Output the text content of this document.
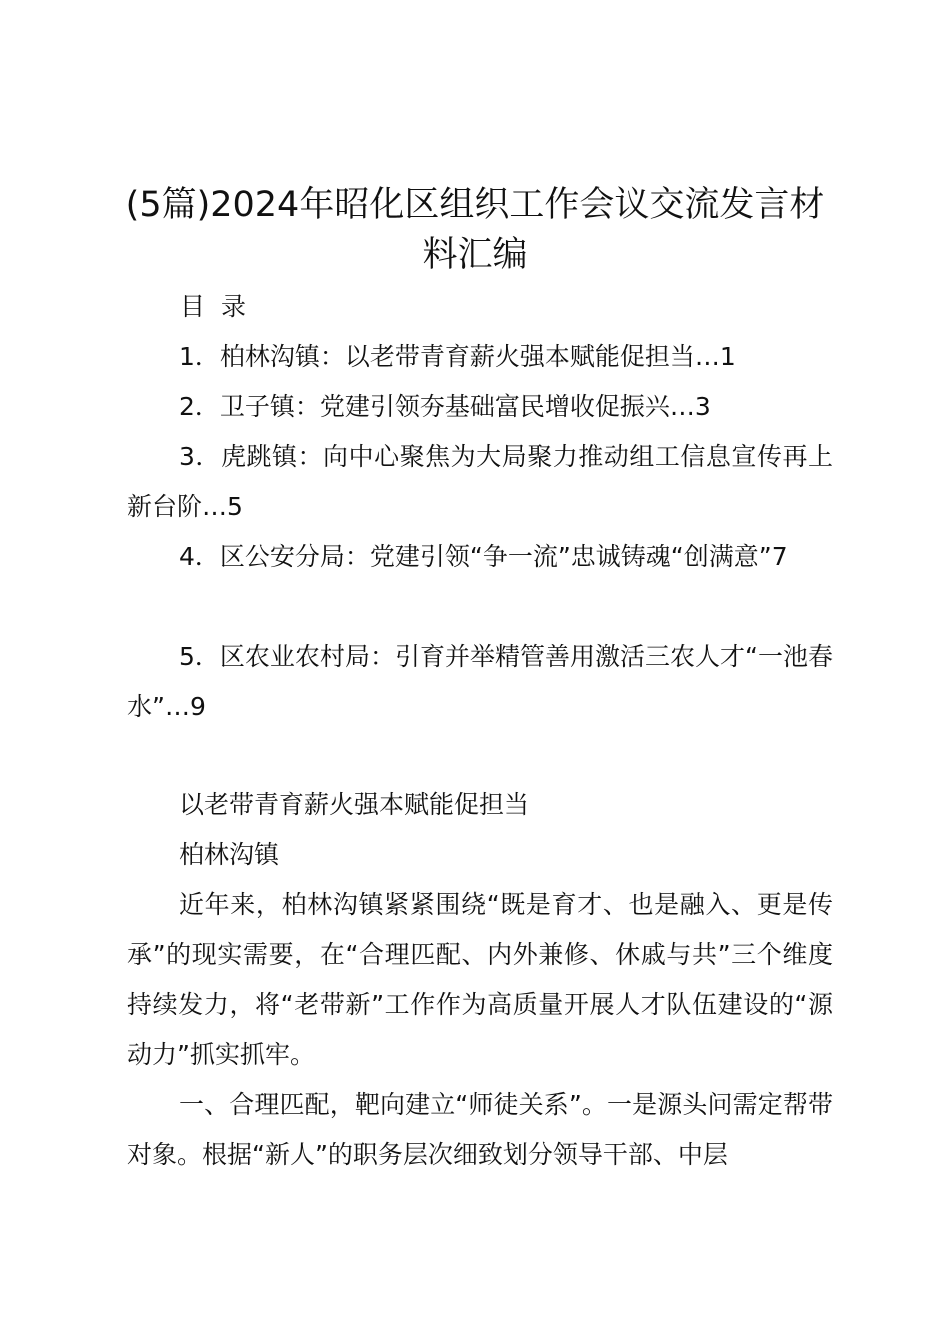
(5篇)2024年昭化区组织工作会议交流发言材料汇编

目 录

1．柏林沟镇：以老带青育薪火强本赋能促担当…1

2．卫子镇：党建引领夯基础富民增收促振兴…3

3．虎跳镇：向中心聚焦为大局聚力推动组工信息宣传再上新台阶…5

4．区公安分局：党建引领“争一流”忠诚铸魂“创满意”7

5．区农业农村局：引育并举精管善用激活三农人才“一池春水”…9

以老带青育薪火强本赋能促担当

柏林沟镇

近年来，柏林沟镇紧紧围绕“既是育才、也是融入、更是传承”的现实需要，在“合理匹配、内外兼修、休戚与共”三个维度持续发力，将“老带新”工作作为高质量开展人才队伍建设的“源动力”抓实抓牢。

一、合理匹配，靶向建立“师徒关系”。一是源头问需定帮带对象。根据“新人”的职务层次细致划分领导干部、中层
